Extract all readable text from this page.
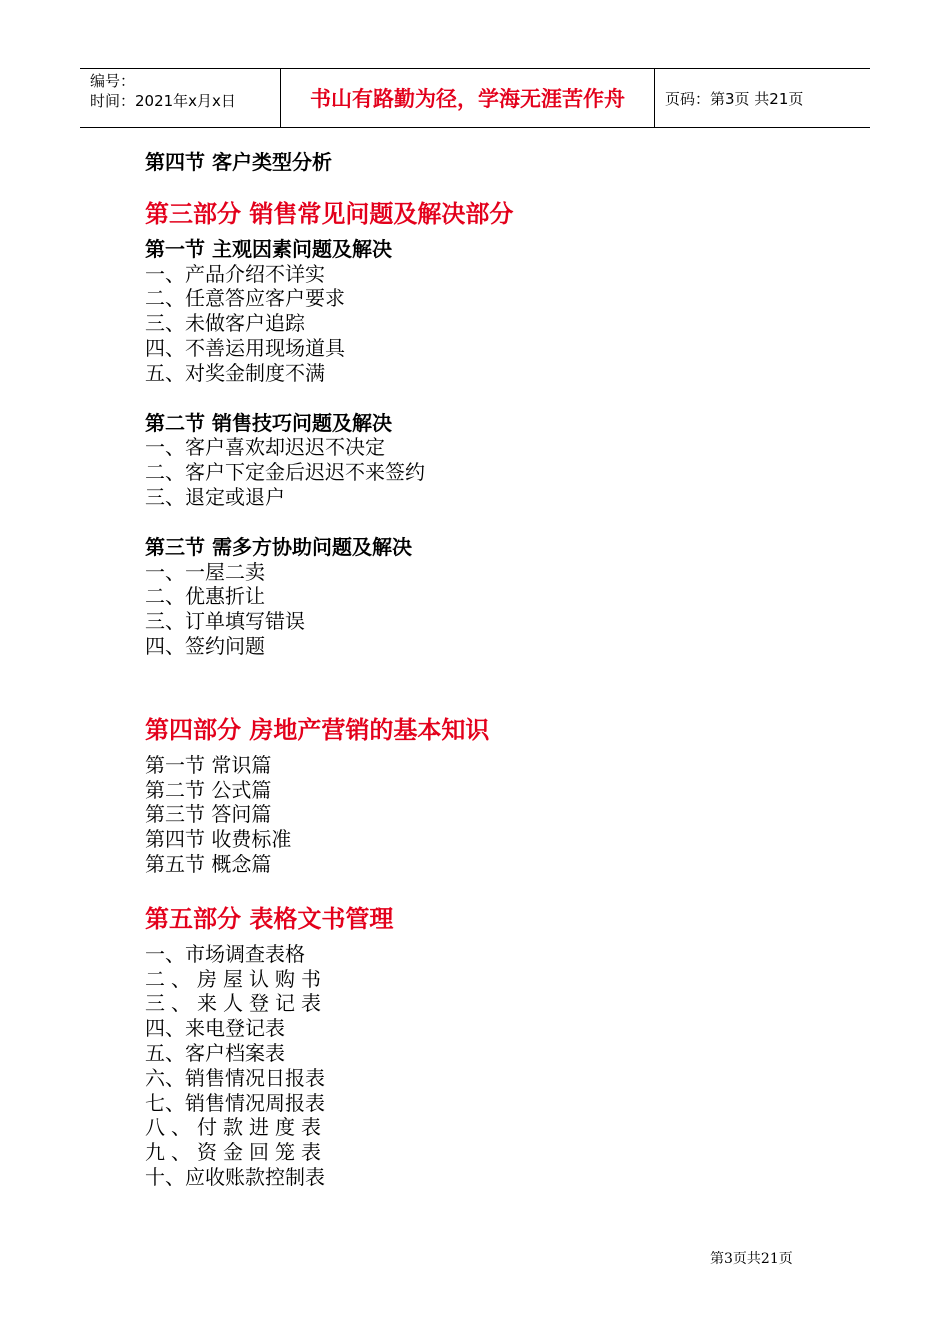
编号：
时间：2021年x月x日	书山有路勤为径，学海无涯苦作舟	页码：第3页 共21页
第四节 客户类型分析
第三部分 销售常见问题及解决部分
第一节 主观因素问题及解决
一、产品介绍不详实
二、任意答应客户要求
三、未做客户追踪
四、不善运用现场道具
五、对奖金制度不满
第二节 销售技巧问题及解决
一、客户喜欢却迟迟不决定
二、客户下定金后迟迟不来签约
三、退定或退户
第三节 需多方协助问题及解决
一、一屋二卖
二、优惠折让
三、订单填写错误
四、签约问题
第四部分 房地产营销的基本知识
第一节 常识篇
第二节 公式篇
第三节 答问篇
第四节 收费标准
第五节 概念篇
第五部分 表格文书管理
一、市场调查表格
二、房屋认购书
三、来人登记表
四、来电登记表
五、客户档案表
六、销售情况日报表
七、销售情况周报表
八、付款进度表
九、资金回笼表
十、应收账款控制表
第3页共21页
